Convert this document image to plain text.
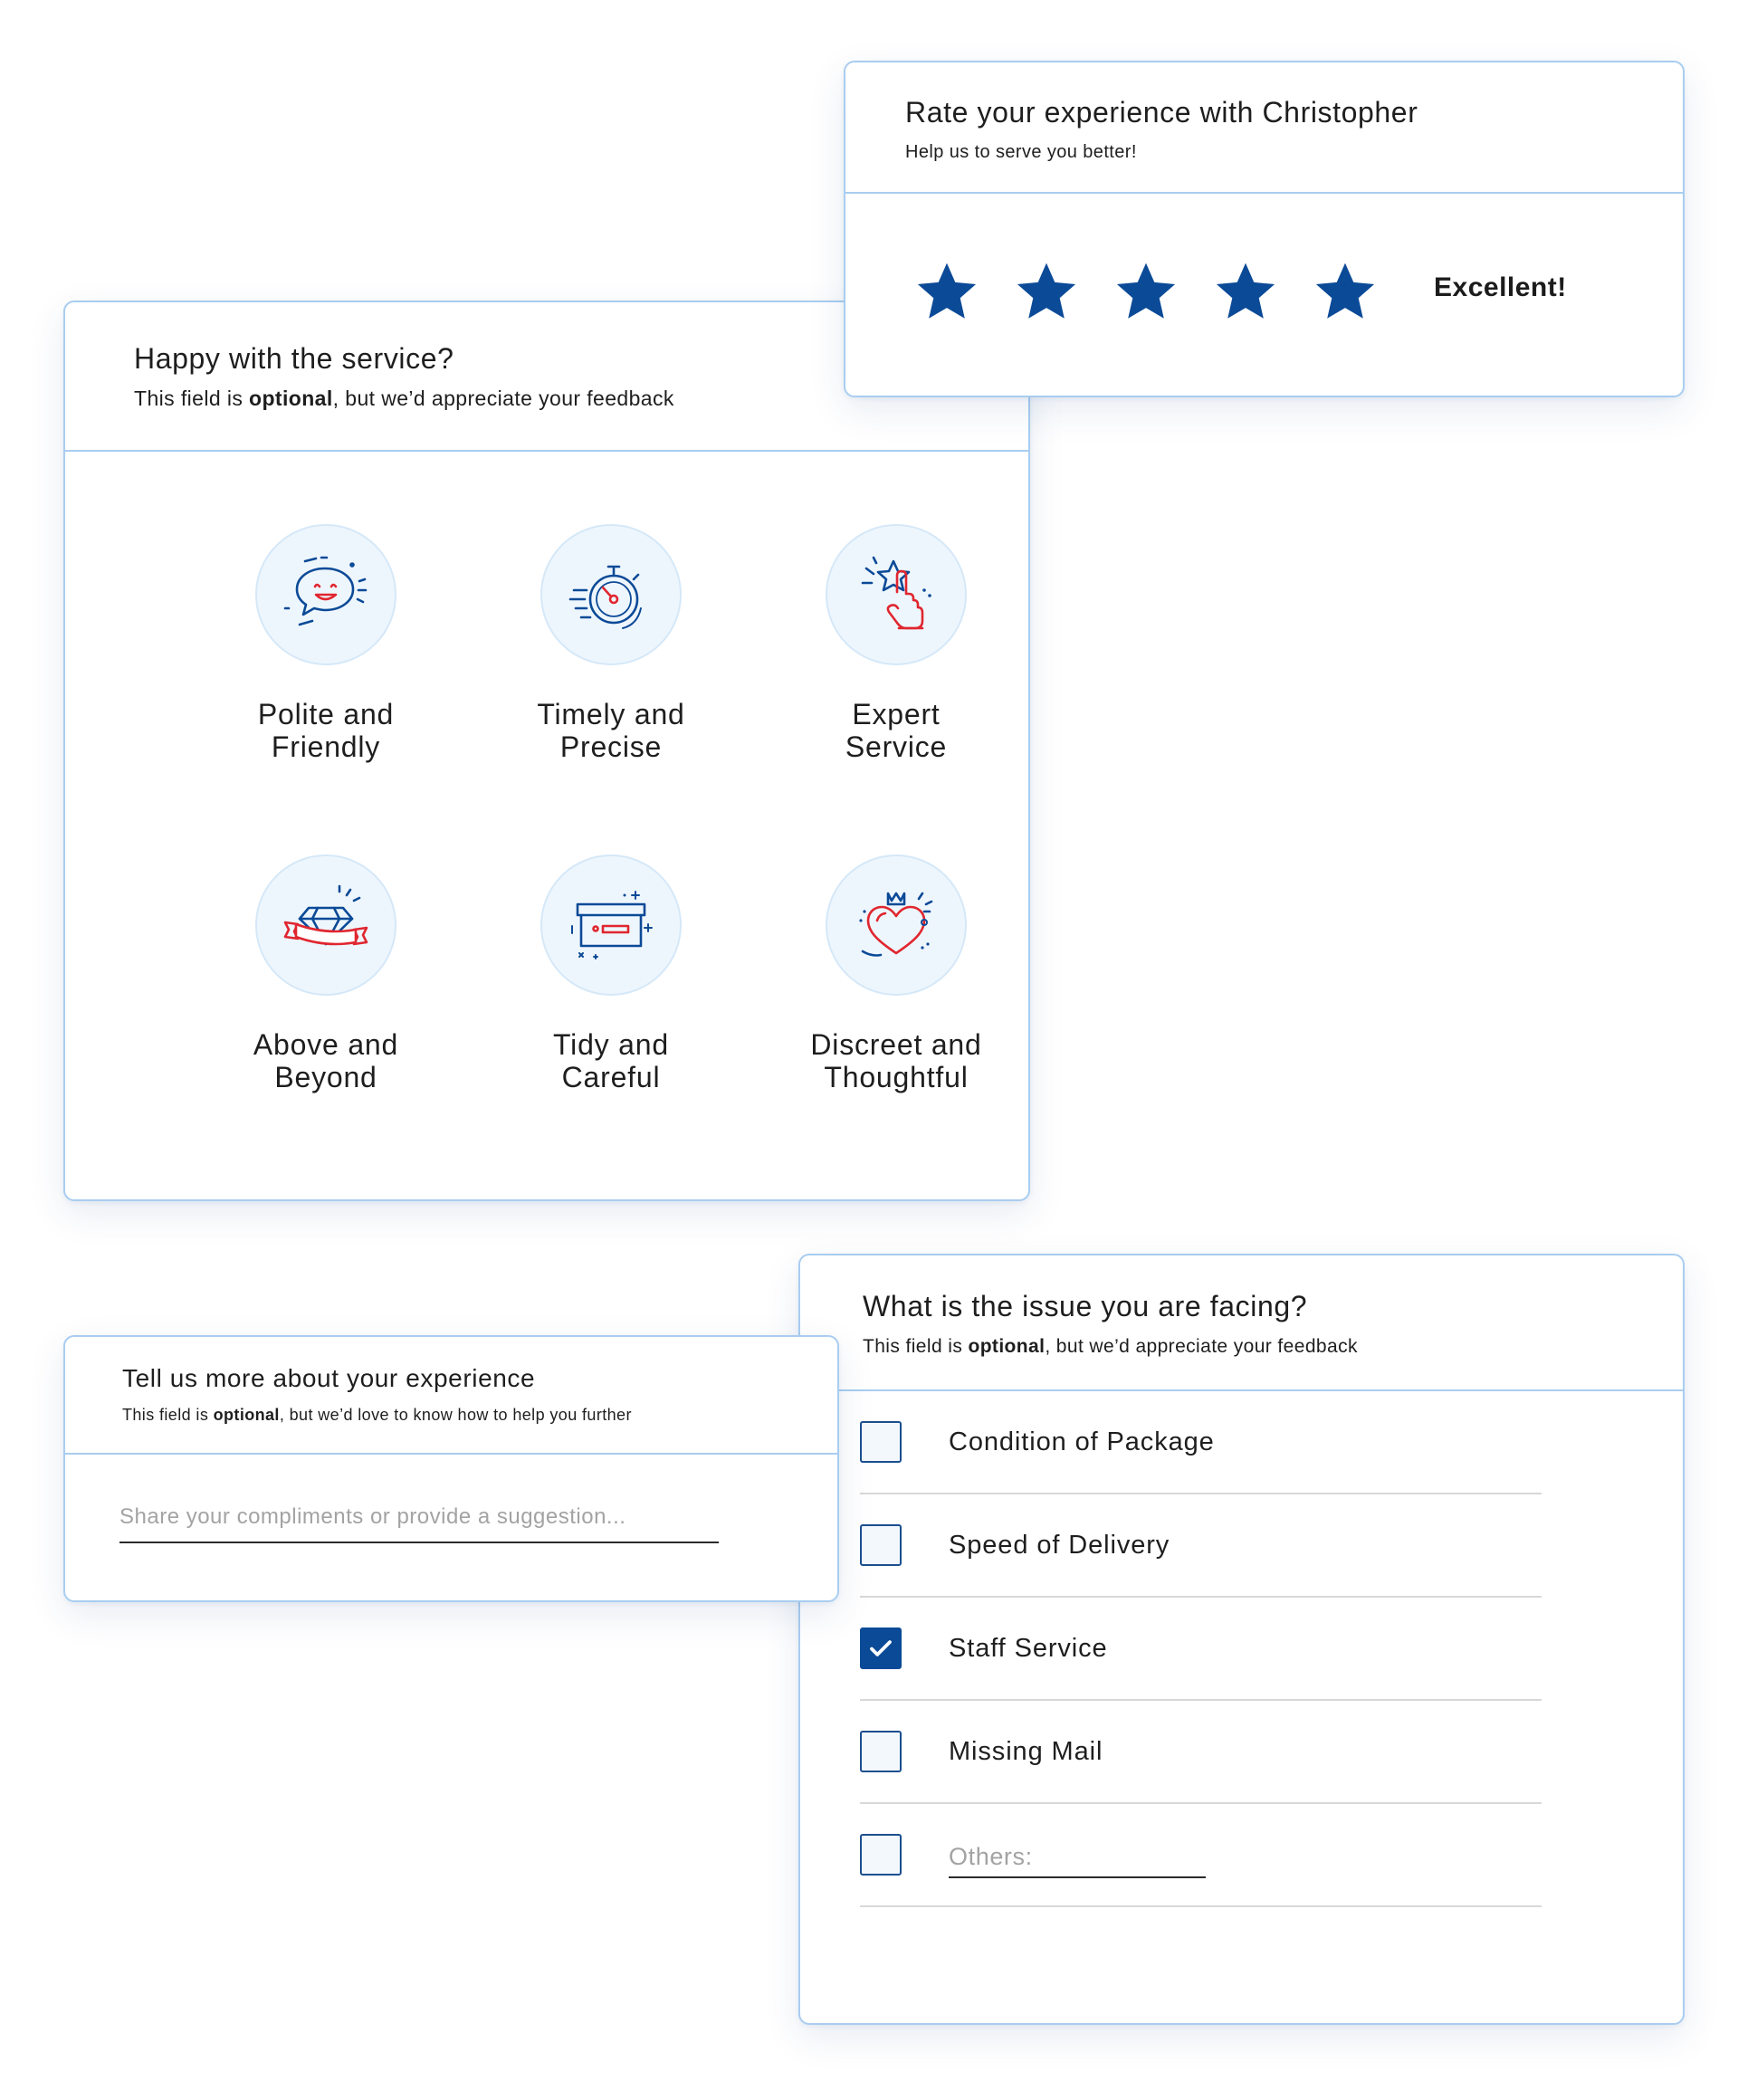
Rate your experience with Christopher
Help us to serve you better!
Excellent!
Happy with the service?
This field is optional, but we’d appreciate your feedback
Polite and
Friendly
Timely and
Precise
Expert
Service
Above and
Beyond
Tidy and
Careful
Discreet and
Thoughtful
Tell us more about your experience
This field is optional, but we’d love to know how to help you further
Share your compliments or provide a suggestion...
What is the issue you are facing?
This field is optional, but we’d appreciate your feedback
Condition of Package
Speed of Delivery
Staff Service
Missing Mail
Others:
